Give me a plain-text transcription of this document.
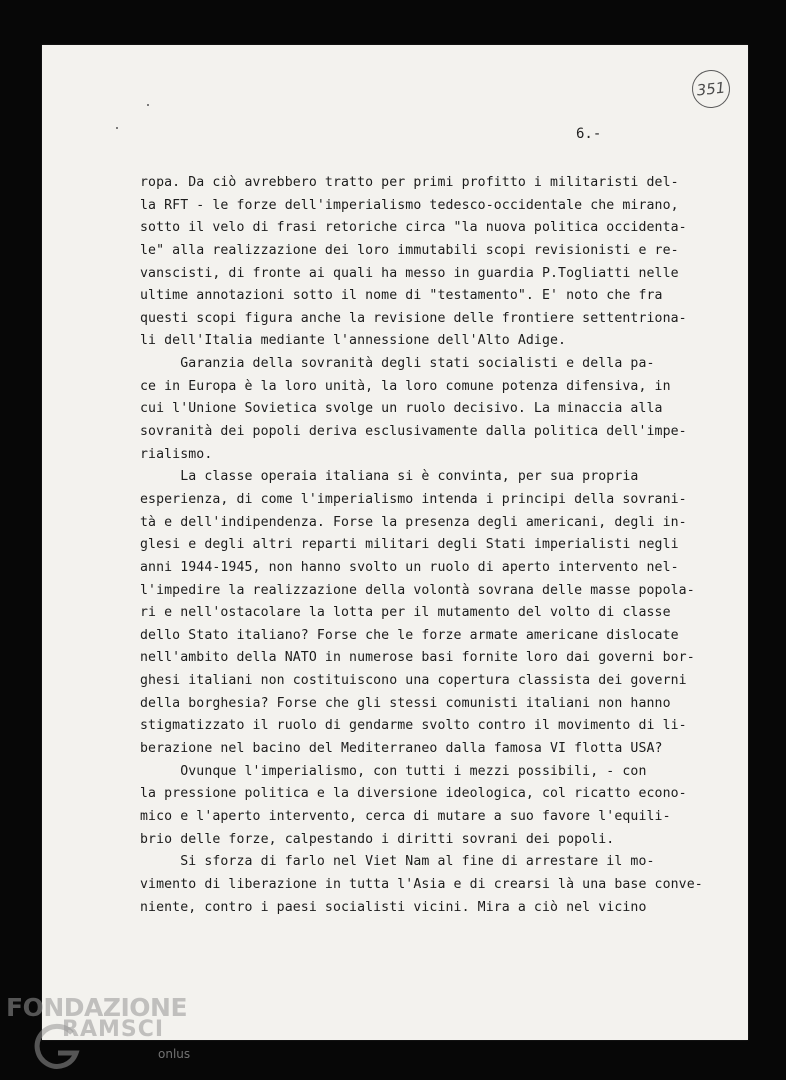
351
6.-
ropa. Da ciò avrebbero tratto per primi profitto i militaristi del-
la RFT - le forze dell'imperialismo tedesco-occidentale che mirano,
sotto il velo di frasi retoriche circa "la nuova politica occidenta-
le" alla realizzazione dei loro immutabili scopi revisionisti e re-
vanscisti, di fronte ai quali ha messo in guardia P.Togliatti nelle
ultime annotazioni sotto il nome di "testamento". E' noto che fra
questi scopi figura anche la revisione delle frontiere settentriona-
li dell'Italia mediante l'annessione dell'Alto Adige.
Garanzia della sovranità degli stati socialisti e della pa-
ce in Europa è la loro unità, la loro comune potenza difensiva, in
cui l'Unione Sovietica svolge un ruolo decisivo. La minaccia alla
sovranità dei popoli deriva esclusivamente dalla politica dell'impe-
rialismo.
La classe operaia italiana si è convinta, per sua propria
esperienza, di come l'imperialismo intenda i principi della sovrani-
tà e dell'indipendenza. Forse la presenza degli americani, degli in-
glesi e degli altri reparti militari degli Stati imperialisti negli
anni 1944-1945, non hanno svolto un ruolo di aperto intervento nel-
l'impedire la realizzazione della volontà sovrana delle masse popola-
ri e nell'ostacolare la lotta per il mutamento del volto di classe
dello Stato italiano? Forse che le forze armate americane dislocate
nell'ambito della NATO in numerose basi fornite loro dai governi bor-
ghesi italiani non costituiscono una copertura classista dei governi
della borghesia? Forse che gli stessi comunisti italiani non hanno
stigmatizzato il ruolo di gendarme svolto contro il movimento di li-
berazione nel bacino del Mediterraneo dalla famosa VI flotta USA?
Ovunque l'imperialismo, con tutti i mezzi possibili, - con
la pressione politica e la diversione ideologica, col ricatto econo-
mico e l'aperto intervento, cerca di mutare a suo favore l'equili-
brio delle forze, calpestando i diritti sovrani dei popoli.
Si sforza di farlo nel Viet Nam al fine di arrestare il mo-
vimento di liberazione in tutta l'Asia e di crearsi là una base conve-
niente, contro i paesi socialisti vicini. Mira a ciò nel vicino
FONDAZIONE
RAMSCI
onlus
